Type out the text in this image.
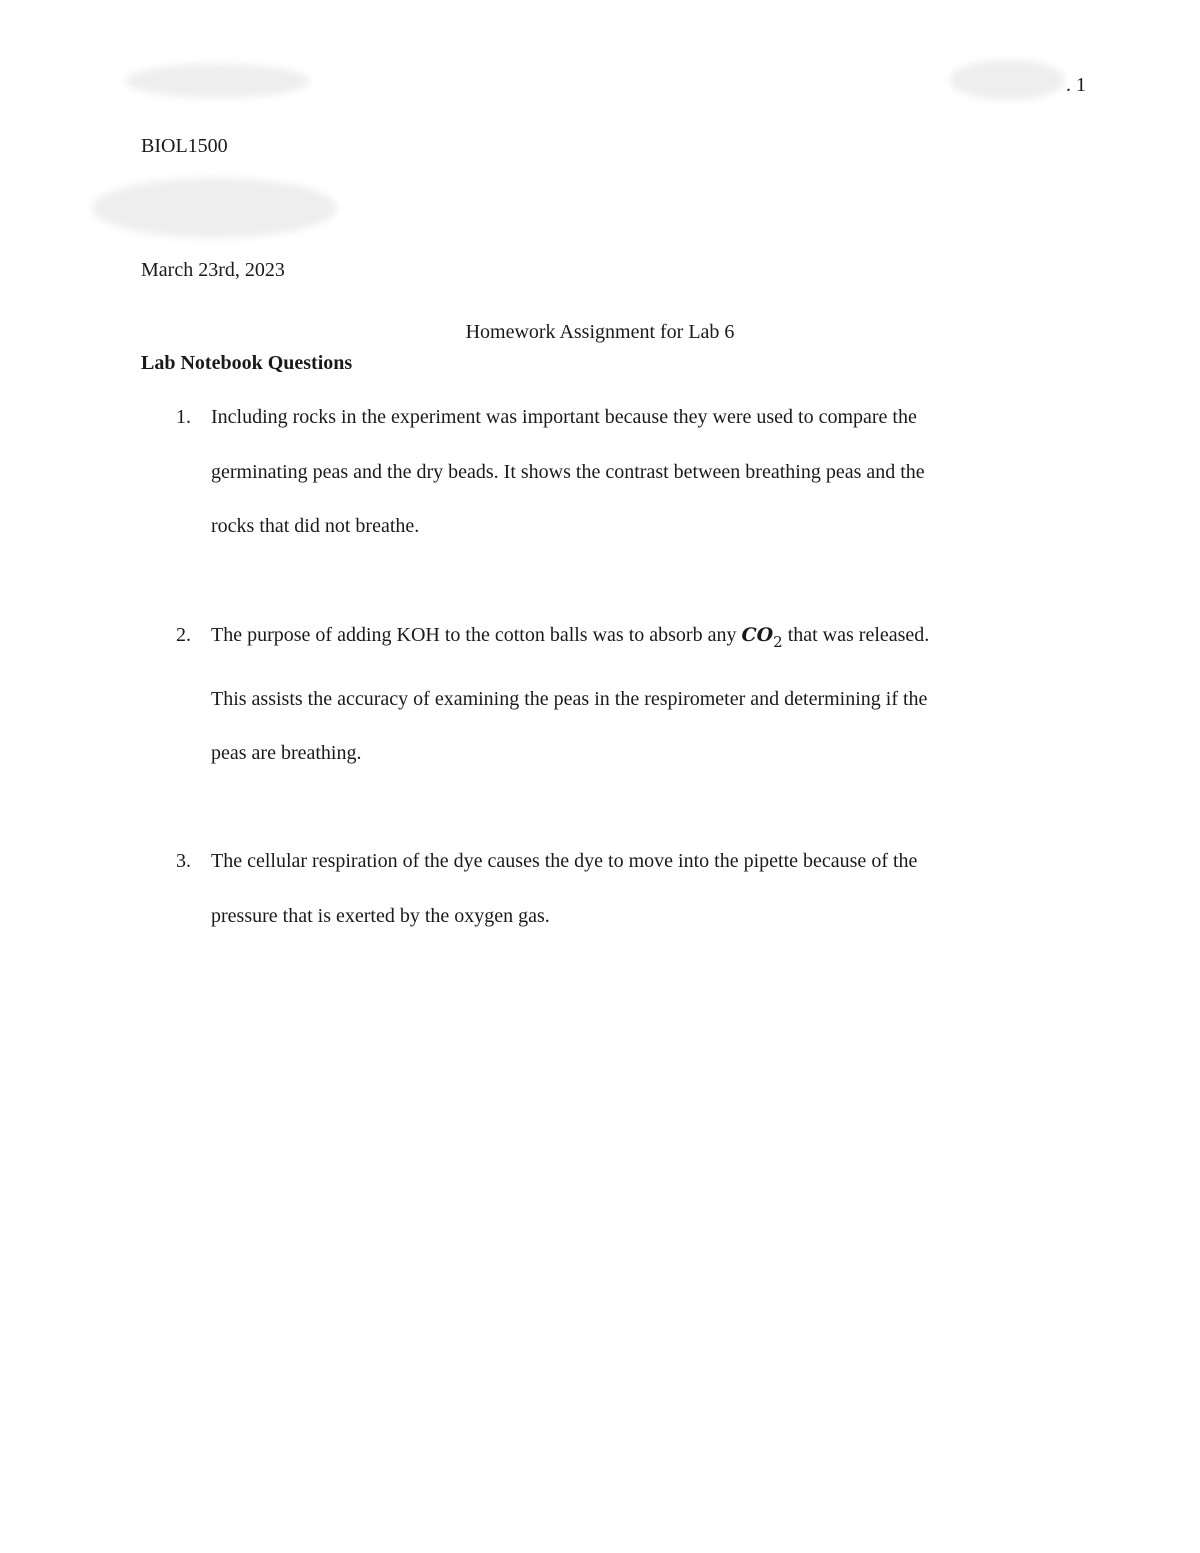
. 1
BIOL1500
March 23rd, 2023
Homework Assignment for Lab 6
Lab Notebook Questions
1. Including rocks in the experiment was important because they were used to compare the
germinating peas and the dry beads. It shows the contrast between breathing peas and the
rocks that did not breathe.
2. The purpose of adding KOH to the cotton balls was to absorb any $CO_2$ that was released.
This assists the accuracy of examining the peas in the respirometer and determining if the
peas are breathing.
3. The cellular respiration of the dye causes the dye to move into the pipette because of the
pressure that is exerted by the oxygen gas.
